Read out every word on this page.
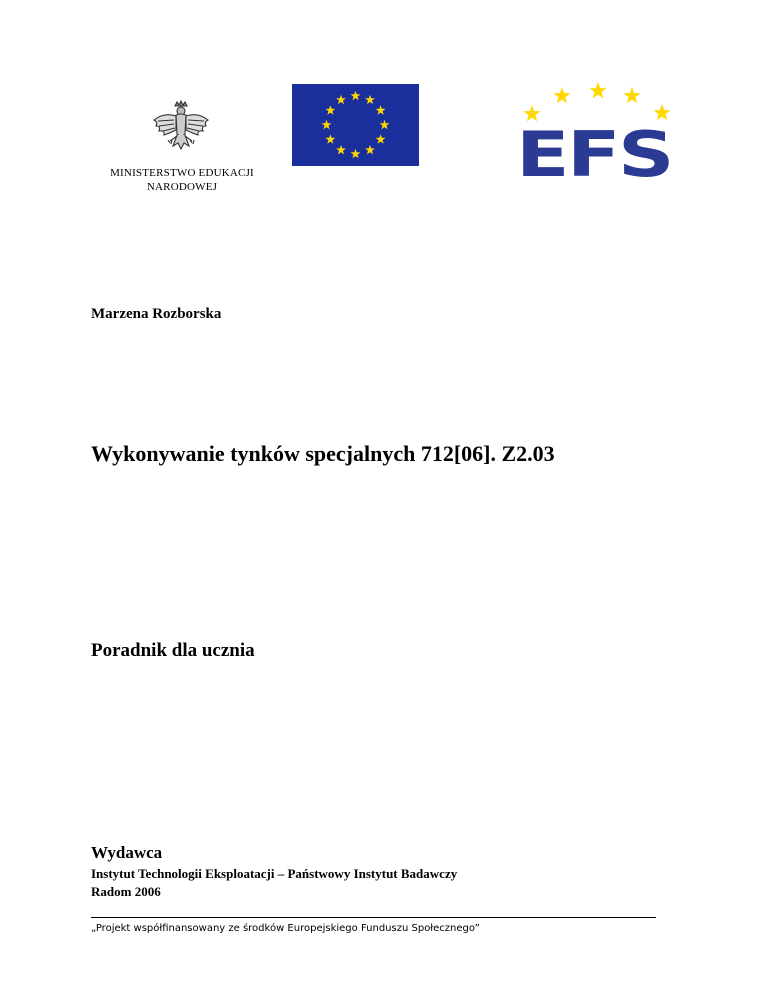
MINISTERSTWO EDUKACJI
NARODOWEJ	EFS
Marzena Rozborska
Wykonywanie tynków specjalnych 712[06]. Z2.03
Poradnik dla ucznia
Wydawca
Instytut Technologii Eksploatacji – Państwowy Instytut Badawczy
Radom 2006
„Projekt współfinansowany ze środków Europejskiego Funduszu Społecznego”
